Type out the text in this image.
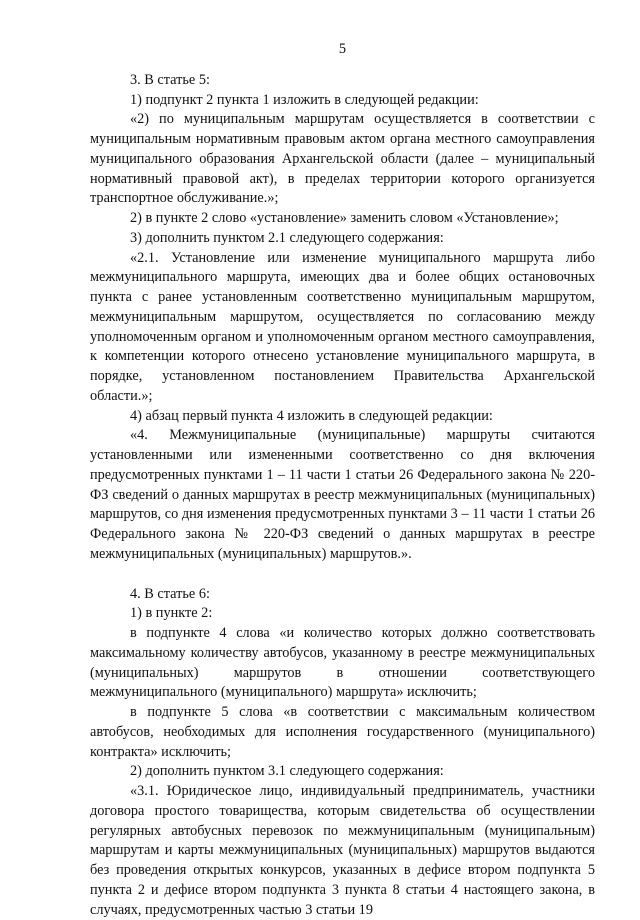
5

3. В статье 5:

1) подпункт 2 пункта 1 изложить в следующей редакции:

«2) по муниципальным маршрутам осуществляется в соответствии с муниципальным нормативным правовым актом органа местного самоуправления муниципального образования Архангельской области (далее – муниципальный нормативный правовой акт), в пределах территории которого организуется транспортное обслуживание.»;

2) в пункте 2 слово «установление» заменить словом «Установление»;

3) дополнить пунктом 2.1 следующего содержания:

«2.1. Установление или изменение муниципального маршрута либо межмуниципального маршрута, имеющих два и более общих остановочных пункта с ранее установленным соответственно муниципальным маршрутом, межмуниципальным маршрутом, осуществляется по согласованию между уполномоченным органом и уполномоченным органом местного самоуправления, к компетенции которого отнесено установление муниципального маршрута, в порядке, установленном постановлением Правительства Архангельской области.»;

4) абзац первый пункта 4 изложить в следующей редакции:

«4. Межмуниципальные (муниципальные) маршруты считаются установленными или измененными соответственно со дня включения предусмотренных пунктами 1 – 11 части 1 статьи 26 Федерального закона № 220-ФЗ сведений о данных маршрутах в реестр межмуниципальных (муниципальных) маршрутов, со дня изменения предусмотренных пунктами 3 – 11 части 1 статьи 26 Федерального закона № 220-ФЗ сведений о данных маршрутах в реестре межмуниципальных (муниципальных) маршрутов.».

4. В статье 6:

1) в пункте 2:

в подпункте 4 слова «и количество которых должно соответствовать максимальному количеству автобусов, указанному в реестре межмуниципальных (муниципальных) маршрутов в отношении соответствующего межмуниципального (муниципального) маршрута» исключить;

в подпункте 5 слова «в соответствии с максимальным количеством автобусов, необходимых для исполнения государственного (муниципального) контракта» исключить;

2) дополнить пунктом 3.1 следующего содержания:

«3.1. Юридическое лицо, индивидуальный предприниматель, участники договора простого товарищества, которым свидетельства об осуществлении регулярных автобусных перевозок по межмуниципальным (муниципальным) маршрутам и карты межмуниципальных (муниципальных) маршрутов выдаются без проведения открытых конкурсов, указанных в дефисе втором подпункта 5 пункта 2 и дефисе втором подпункта 3 пункта 8 статьи 4 настоящего закона, в случаях, предусмотренных частью 3 статьи 19
